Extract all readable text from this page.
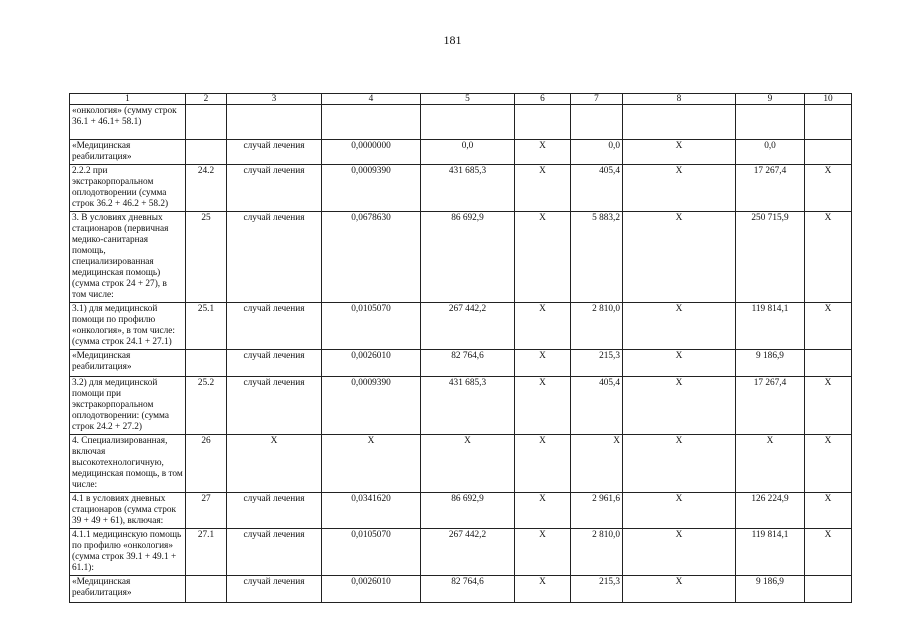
181
1	2	3	4	5	6	7	8	9	10
«онкология» (сумму строк 36.1 + 46.1+ 58.1)									
«Медицинская реабилитация»		случай лечения	0,0000000	0,0	X	0,0	X	0,0	
2.2.2 при экстракорпоральном оплодотворении (сумма строк 36.2 + 46.2 + 58.2)	24.2	случай лечения	0,0009390	431 685,3	X	405,4	X	17 267,4	X
3. В условиях дневных стационаров (первичная медико-санитарная помощь, специализированная медицинская помощь) (сумма строк 24 + 27), в том числе:	25	случай лечения	0,0678630	86 692,9	X	5 883,2	X	250 715,9	X
3.1) для медицинской помощи по профилю «онкология», в том числе: (сумма строк 24.1 + 27.1)	25.1	случай лечения	0,0105070	267 442,2	X	2 810,0	X	119 814,1	X
«Медицинская реабилитация»		случай лечения	0,0026010	82 764,6	X	215,3	X	9 186,9	
3.2) для медицинской помощи при экстракорпоральном оплодотворении: (сумма строк 24.2 + 27.2)	25.2	случай лечения	0,0009390	431 685,3	X	405,4	X	17 267,4	X
4. Специализированная, включая высокотехнологичную, медицинская помощь, в том числе:	26	X	X	X	X	X	X	X	X
4.1 в условиях дневных стационаров (сумма строк 39 + 49 + 61), включая:	27	случай лечения	0,0341620	86 692,9	X	2 961,6	X	126 224,9	X
4.1.1 медицинскую помощь по профилю «онкология» (сумма строк 39.1 + 49.1 + 61.1):	27.1	случай лечения	0,0105070	267 442,2	X	2 810,0	X	119 814,1	X
«Медицинская реабилитация»		случай лечения	0,0026010	82 764,6	X	215,3	X	9 186,9	
